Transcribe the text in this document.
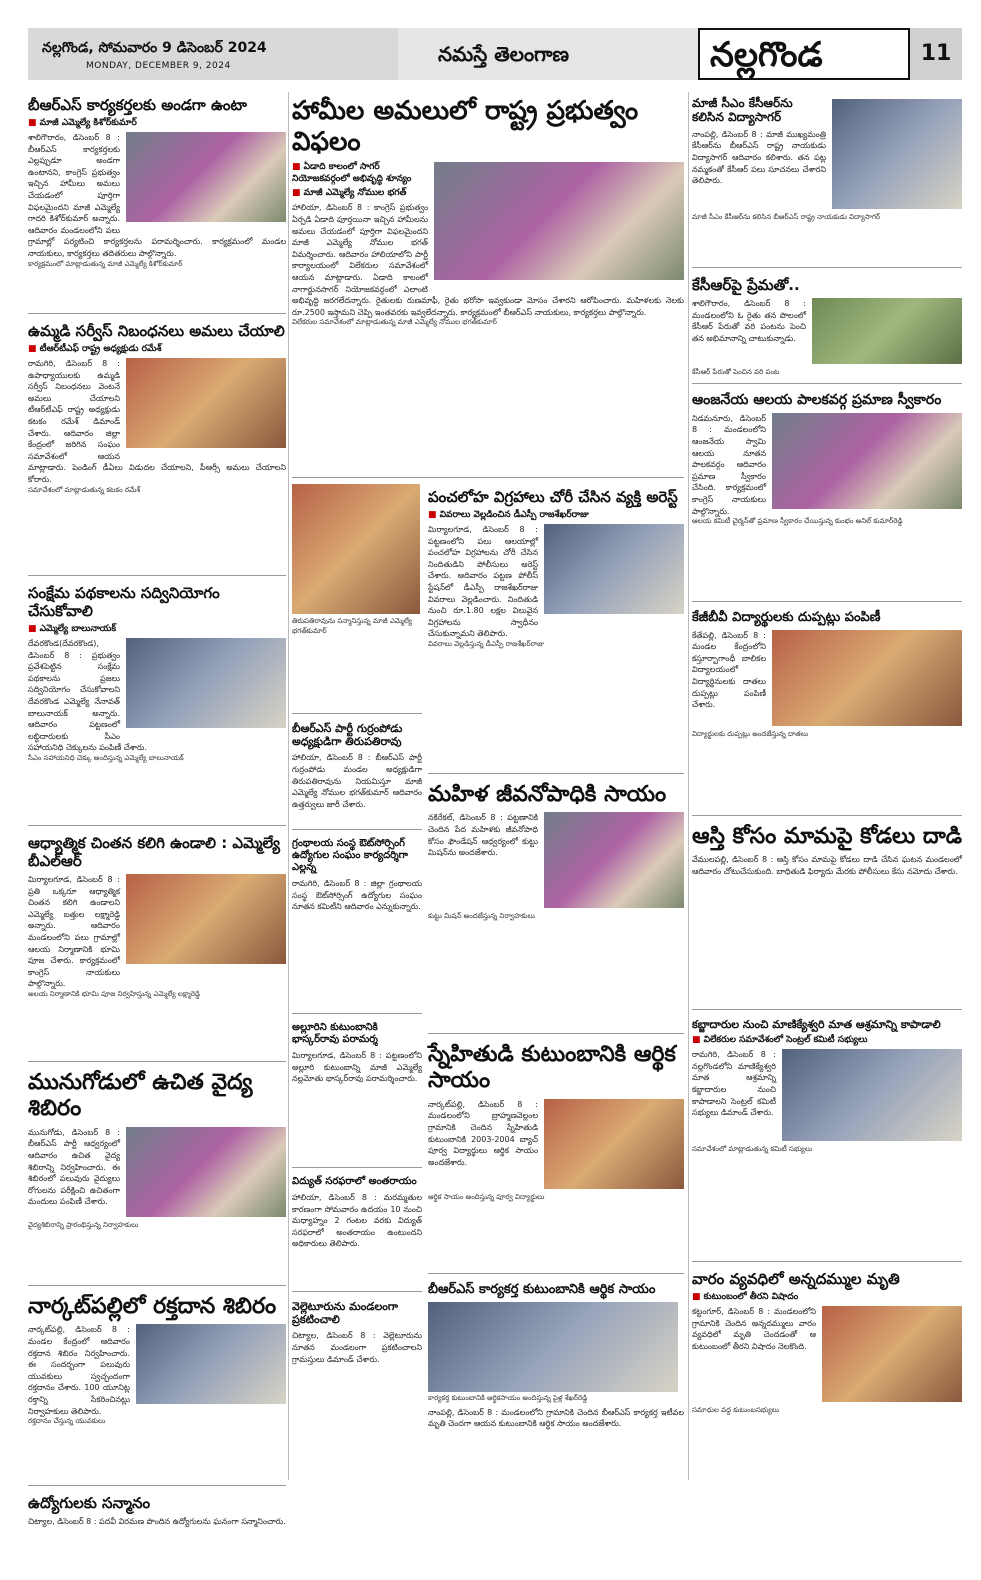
నల్లగొండ, సోమవారం 9 డిసెంబర్ 2024
MONDAY, DECEMBER 9, 2024	నమస్తే తెలంగాణ	నల్లగొండ	11
బీఆర్ఎస్ కార్యకర్తలకు అండగా ఉంటా
■ మాజీ ఎమ్మెల్యే కిశోర్‌కుమార్
శాలిగౌరారం, డిసెంబర్ 8 : బీఆర్ఎస్ కార్యకర్తలకు ఎల్లప్పుడూ అండగా ఉంటానని, కాంగ్రెస్ ప్రభుత్వం ఇచ్చిన హామీలు అమలు చేయడంలో పూర్తిగా విఫలమైందని మాజీ ఎమ్మెల్యే గాదరి కిశోర్‌కుమార్ అన్నారు. ఆదివారం మండలంలోని పలు గ్రామాల్లో పర్యటించి కార్యకర్తలను పరామర్శించారు. కార్యక్రమంలో మండల నాయకులు, కార్యకర్తలు తదితరులు పాల్గొన్నారు.
కార్యక్రమంలో మాట్లాడుతున్న మాజీ ఎమ్మెల్యే కిశోర్‌కుమార్
ఉమ్మడి సర్వీస్ నిబంధనలు అమలు చేయాలి
■ టీఆర్‌టీఎఫ్ రాష్ట్ర అధ్యక్షుడు రమేశ్
రామగిరి, డిసెంబర్ 8 : ఉపాధ్యాయులకు ఉమ్మడి సర్వీస్ నిబంధనలు వెంటనే అమలు చేయాలని టీఆర్‌టీఎఫ్ రాష్ట్ర అధ్యక్షుడు కటకం రమేశ్ డిమాండ్ చేశారు. ఆదివారం జిల్లా కేంద్రంలో జరిగిన సంఘం సమావేశంలో ఆయన మాట్లాడారు. పెండింగ్ డీఏలు విడుదల చేయాలని, పీఆర్సీ అమలు చేయాలని కోరారు.
సమావేశంలో మాట్లాడుతున్న కటకం రమేశ్
సంక్షేమ పథకాలను సద్వినియోగం చేసుకోవాలి
■ ఎమ్మెల్యే బాలునాయక్
దేవరకొండ(దేవరకొండ), డిసెంబర్ 8 : ప్రభుత్వం ప్రవేశపెట్టిన సంక్షేమ పథకాలను ప్రజలు సద్వినియోగం చేసుకోవాలని దేవరకొండ ఎమ్మెల్యే నేనావత్ బాలునాయక్ అన్నారు. ఆదివారం పట్టణంలో లబ్ధిదారులకు సీఎం సహాయనిధి చెక్కులను పంపిణీ చేశారు.
సీఎం సహాయనిధి చెక్కు అందిస్తున్న ఎమ్మెల్యే బాలునాయక్
ఆధ్యాత్మిక చింతన కలిగి ఉండాలి : ఎమ్మెల్యే బీఎల్ఆర్
మిర్యాలగూడ, డిసెంబర్ 8 : ప్రతి ఒక్కరూ ఆధ్యాత్మిక చింతన కలిగి ఉండాలని ఎమ్మెల్యే బత్తుల లక్ష్మారెడ్డి అన్నారు. ఆదివారం మండలంలోని పలు గ్రామాల్లో ఆలయ నిర్మాణానికి భూమి పూజ చేశారు. కార్యక్రమంలో కాంగ్రెస్ నాయకులు పాల్గొన్నారు.
అలయ నిర్మాణానికి భూమి పూజ నిర్వహిస్తున్న ఎమ్మెల్యే లక్ష్మారెడ్డి
మునుగోడులో ఉచిత వైద్య శిబిరం
మునుగోడు, డిసెంబర్ 8 : బీఆర్ఎస్ పార్టీ ఆధ్వర్యంలో ఆదివారం ఉచిత వైద్య శిబిరాన్ని నిర్వహించారు. ఈ శిబిరంలో పలువురు వైద్యులు రోగులను పరీక్షించి ఉచితంగా మందులు పంపిణీ చేశారు.
వైద్యశిబిరాన్ని ప్రారంభిస్తున్న నిర్వాహకులు
నార్కట్‌పల్లిలో రక్తదాన శిబిరం
నార్కట్‌పల్లి, డిసెంబర్ 8 : మండల కేంద్రంలో ఆదివారం రక్తదాన శిబిరం నిర్వహించారు. ఈ సందర్భంగా పలువురు యువకులు స్వచ్ఛందంగా రక్తదానం చేశారు. 100 యూనిట్ల రక్తాన్ని సేకరించినట్లు నిర్వాహకులు తెలిపారు.
రక్తదానం చేస్తున్న యువకులు
ఉద్యోగులకు సన్మానం
చిట్యాల, డిసెంబర్ 8 : పదవీ విరమణ పొందిన ఉద్యోగులను ఘనంగా సన్మానించారు.
హామీల అమలులో రాష్ట్ర ప్రభుత్వం విఫలం
■ ఏడాది కాలంలో సాగర్ నియోజకవర్గంలో అభివృద్ధి శూన్యం
■ మాజీ ఎమ్మెల్యే నోముల భగత్
హాలియా, డిసెంబర్ 8 : కాంగ్రెస్ ప్రభుత్వం ఏర్పడి ఏడాది పూర్తయినా ఇచ్చిన హామీలను అమలు చేయడంలో పూర్తిగా విఫలమైందని మాజీ ఎమ్మెల్యే నోముల భగత్ విమర్శించారు. ఆదివారం హాలియాలోని పార్టీ కార్యాలయంలో విలేకరుల సమావేశంలో ఆయన మాట్లాడారు. ఏడాది కాలంలో నాగార్జునసాగర్ నియోజకవర్గంలో ఎలాంటి అభివృద్ధి జరగలేదన్నారు. రైతులకు రుణమాఫీ, రైతు భరోసా ఇవ్వకుండా మోసం చేశారని ఆరోపించారు. మహిళలకు నెలకు రూ.2500 ఇస్తామని చెప్పి ఇంతవరకు ఇవ్వలేదన్నారు. కార్యక్రమంలో బీఆర్ఎస్ నాయకులు, కార్యకర్తలు పాల్గొన్నారు.
విలేకరుల సమావేశంలో మాట్లాడుతున్న మాజీ ఎమ్మెల్యే నోముల భగత్‌కుమార్
తిరుపతిరావును సన్మానిస్తున్న మాజీ ఎమ్మెల్యే భగత్‌కుమార్
బీఆర్ఎస్ పార్టీ గుర్రంపోడు అధ్యక్షుడిగా తిరుపతిరావు
హాలియా, డిసెంబర్ 8 : బీఆర్ఎస్ పార్టీ గుర్రంపోడు మండల అధ్యక్షుడిగా తిరుపతిరావును నియమిస్తూ మాజీ ఎమ్మెల్యే నోముల భగత్‌కుమార్ ఆదివారం ఉత్తర్వులు జారీ చేశారు.
గ్రంథాలయ సంస్థ ఔట్‌సోర్సింగ్ ఉద్యోగుల సంఘం కార్యదర్శిగా ఎల్లన్న
రామగిరి, డిసెంబర్ 8 : జిల్లా గ్రంథాలయ సంస్థ ఔట్‌సోర్సింగ్ ఉద్యోగుల సంఘం నూతన కమిటీని ఆదివారం ఎన్నుకున్నారు.
అల్లూరిని కుటుంబానికి భాస్కర్‌రావు పరామర్శ
మిర్యాలగూడ, డిసెంబర్ 8 : పట్టణంలోని అల్లూరి కుటుంబాన్ని మాజీ ఎమ్మెల్యే నల్లమోతు భాస్కర్‌రావు పరామర్శించారు.
విద్యుత్ సరఫరాలో అంతరాయం
హాలియా, డిసెంబర్ 8 : మరమ్మతుల కారణంగా సోమవారం ఉదయం 10 నుంచి మధ్యాహ్నం 2 గంటల వరకు విద్యుత్ సరఫరాలో అంతరాయం ఉంటుందని అధికారులు తెలిపారు.
వెల్లెటూరును మండలంగా ప్రకటించాలి
చిట్యాల, డిసెంబర్ 8 : వెల్లెటూరును నూతన మండలంగా ప్రకటించాలని గ్రామస్తులు డిమాండ్ చేశారు.
పంచలోహ విగ్రహాలు చోరీ చేసిన వ్యక్తి అరెస్ట్
■ వివరాలు వెల్లడించిన డీఎస్పీ రాజశేఖర్‌రాజు
మిర్యాలగూడ, డిసెంబర్ 8 : పట్టణంలోని పలు ఆలయాల్లో పంచలోహ విగ్రహాలను చోరీ చేసిన నిందితుడిని పోలీసులు అరెస్ట్ చేశారు. ఆదివారం పట్టణ పోలీస్ స్టేషన్‌లో డీఎస్పీ రాజశేఖర్‌రాజు వివరాలు వెల్లడించారు. నిందితుడి నుంచి రూ.1.80 లక్షల విలువైన విగ్రహాలను స్వాధీనం చేసుకున్నామని తెలిపారు.
వివరాలు వెల్లడిస్తున్న డీఎస్పీ రాజశేఖర్‌రాజు
మహిళ జీవనోపాధికి సాయం
నకిరేకల్, డిసెంబర్ 8 : పట్టణానికి చెందిన పేద మహిళకు జీవనోపాధి కోసం ఫౌండేషన్ ఆధ్వర్యంలో కుట్టు మిషన్‌ను అందజేశారు.
కుట్టు మిషన్ అందజేస్తున్న నిర్వాహకులు
స్నేహితుడి కుటుంబానికి ఆర్థిక సాయం
నార్కట్‌పల్లి, డిసెంబర్ 8 : మండలంలోని బ్రాహ్మణవెల్లంల గ్రామానికి చెందిన స్నేహితుడి కుటుంబానికి 2003-2004 బ్యాచ్ పూర్వ విద్యార్థులు ఆర్థిక సాయం అందజేశారు.
ఆర్థిక సాయం అందిస్తున్న పూర్వ విద్యార్థులు
బీఆర్ఎస్ కార్యకర్త కుటుంబానికి ఆర్థిక సాయం
కార్యకర్త కుటుంబానికి ఆర్థికసాయం అందిస్తున్న పైళ్ల శేఖర్‌రెడ్డి
నాంపల్లి, డిసెంబర్ 8 : మండలంలోని గ్రామానికి చెందిన బీఆర్ఎస్ కార్యకర్త ఇటీవల మృతి చెందగా ఆయన కుటుంబానికి ఆర్థిక సాయం అందజేశారు.
మాజీ సీఎం కేసీఆర్‌ను కలిసిన విద్యాసాగర్
నాంపల్లి, డిసెంబర్ 8 : మాజీ ముఖ్యమంత్రి కేసీఆర్‌ను బీఆర్ఎస్ రాష్ట్ర నాయకుడు విద్యాసాగర్ ఆదివారం కలిశారు. తన పట్ల నమ్మకంతో కేసీఆర్ పలు సూచనలు చేశారని తెలిపారు.
మాజీ సీఎం కేసీఆర్‌ను కలిసిన బీఆర్ఎస్ రాష్ట్ర నాయకుడు విద్యాసాగర్
కేసీఆర్‌పై ప్రేమతో..
శాలిగౌరారం, డిసెంబర్ 8 : మండలంలోని ఓ రైతు తన పొలంలో కేసీఆర్ పేరుతో వరి పంటను పెంచి తన అభిమానాన్ని చాటుకున్నాడు.
కేసీఆర్ పేరుతో పెంచిన వరి పంట
ఆంజనేయ ఆలయ పాలకవర్గ ప్రమాణ స్వీకారం
నిడమనూరు, డిసెంబర్ 8 : మండలంలోని ఆంజనేయ స్వామి ఆలయ నూతన పాలకవర్గం ఆదివారం ప్రమాణ స్వీకారం చేసింది. కార్యక్రమంలో కాంగ్రెస్ నాయకులు పాల్గొన్నారు.
ఆలయ కమిటీ చైర్మన్‌తో ప్రమాణ స్వీకారం చేయిస్తున్న కుంభం అనిల్ కుమార్‌రెడ్డి
కేజీబీవీ విద్యార్థులకు దుప్పట్లు పంపిణీ
కేతేపల్లి, డిసెంబర్ 8 : మండల కేంద్రంలోని కస్తూర్బాగాంధీ బాలికల విద్యాలయంలో విద్యార్థినులకు దాతలు దుప్పట్లు పంపిణీ చేశారు.
విద్యార్థులకు దుప్పట్లు అందజేస్తున్న దాతలు
ఆస్తి కోసం మామపై కోడలు దాడి
వేములపల్లి, డిసెంబర్ 8 : ఆస్తి కోసం మామపై కోడలు దాడి చేసిన ఘటన మండలంలో ఆదివారం చోటుచేసుకుంది. బాధితుడి ఫిర్యాదు మేరకు పోలీసులు కేసు నమోదు చేశారు.
కబ్జాదారుల నుంచి మాణిక్యేశ్వరి మాత ఆశ్రమాన్ని కాపాడాలి
■ విలేకరుల సమావేశంలో సెంట్రల్ కమిటీ సభ్యులు
రామగిరి, డిసెంబర్ 8 : నల్లగొండలోని మాణిక్యేశ్వరి మాత ఆశ్రమాన్ని కబ్జాదారుల నుంచి కాపాడాలని సెంట్రల్ కమిటీ సభ్యులు డిమాండ్ చేశారు.
సమావేశంలో మాట్లాడుతున్న కమిటీ సభ్యులు
వారం వ్యవధిలో అన్నదమ్ముల మృతి
■ కుటుంబంలో తీరని విషాదం
కట్టంగూర్, డిసెంబర్ 8 : మండలంలోని గ్రామానికి చెందిన అన్నదమ్ములు వారం వ్యవధిలో మృతి చెందడంతో ఆ కుటుంబంలో తీరని విషాదం నెలకొంది.
సమాధుల వద్ద కుటుంబసభ్యులు
